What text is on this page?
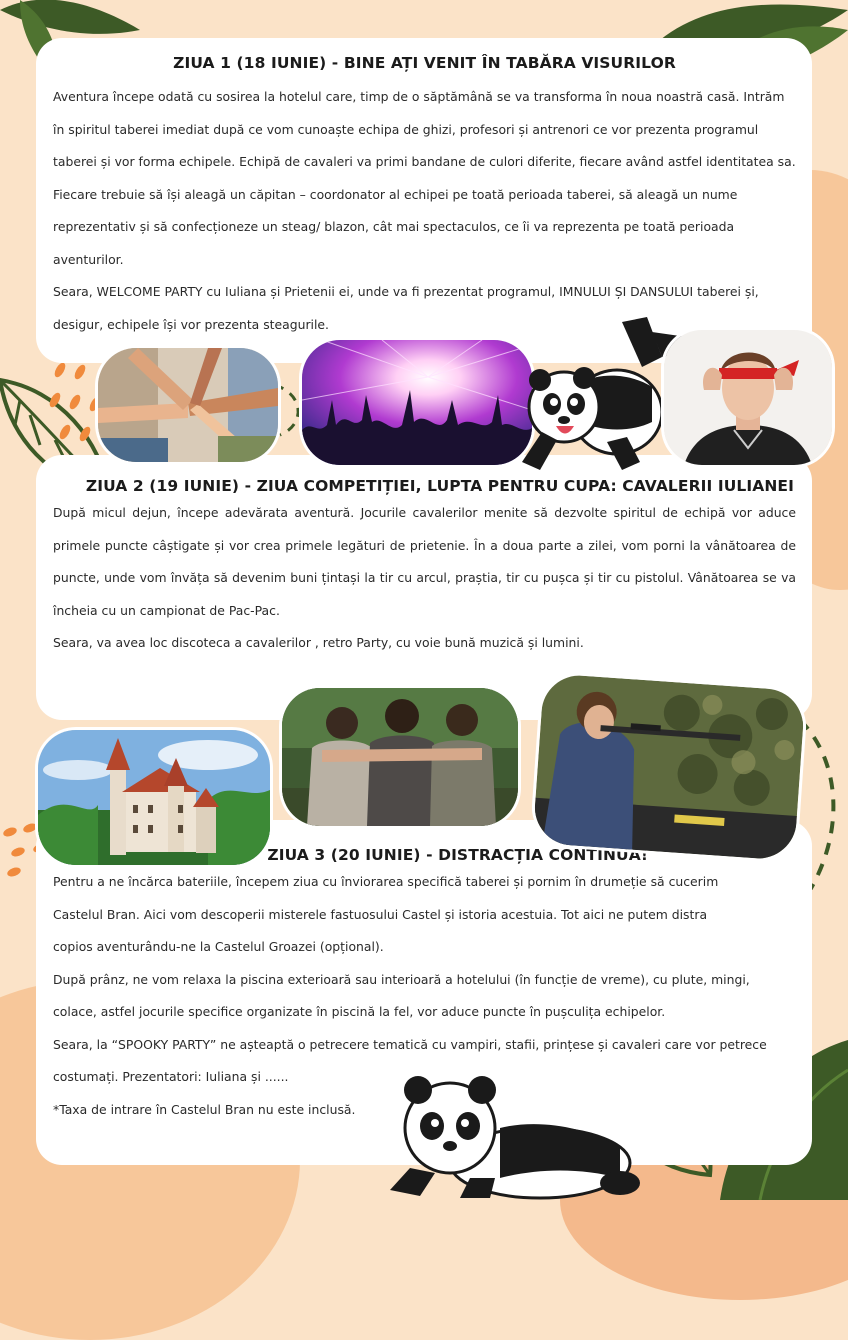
ZIUA 1 (18 IUNIE) - BINE AȚI VENIT ÎN TABĂRA VISURILOR

Aventura începe odată cu sosirea la hotelul care, timp de o săptămână se va transforma în noua noastră casă. Intrăm în spiritul taberei imediat după ce vom cunoaște echipa de ghizi, profesori și antrenori ce vor prezenta programul taberei și vor forma echipele. Echipă de cavaleri va primi bandane de culori diferite, fiecare având astfel identitatea sa. Fiecare trebuie să își aleagă un căpitan – coordonator al echipei pe toată perioada taberei, să aleagă un nume reprezentativ și să confecționeze un steag/ blazon, cât mai spectaculos, ce îi va reprezenta pe toată perioada aventurilor.

Seara, WELCOME PARTY cu Iuliana și Prietenii ei, unde va fi prezentat programul, IMNULUI ȘI DANSULUI taberei și, desigur, echipele își vor prezenta steagurile.

ZIUA 2 (19 IUNIE) - ZIUA COMPETIȚIEI, LUPTA PENTRU CUPA: CAVALERII IULIANEI

După micul dejun, începe adevărata aventură. Jocurile cavalerilor menite să dezvolte spiritul de echipă vor aduce primele puncte câștigate și vor crea primele legături de prietenie. În a doua parte a zilei, vom porni la vânătoarea de puncte, unde vom învăța să devenim buni țintași la tir cu arcul, praștia, tir cu pușca și tir cu pistolul. Vânătoarea se va încheia cu un campionat de Pac-Pac.

Seara, va avea loc discoteca a cavalerilor , retro Party, cu voie bună muzică și lumini.

ZIUA 3 (20 IUNIE) - DISTRACȚIA CONTINUĂ!

Pentru a ne încărca bateriile, începem ziua cu înviorarea specifică taberei și pornim în drumeție să cucerim Castelul Bran. Aici vom descoperii misterele fastuosului Castel și istoria acestuia. Tot aici ne putem distra copios aventurându-ne la Castelul Groazei (opțional).

După prânz, ne vom relaxa la piscina exterioară sau interioară a hotelului (în funcție de vreme), cu plute, mingi, colace, astfel jocurile specifice organizate în piscină la fel, vor aduce puncte în pușculița echipelor.

Seara, la “SPOOKY PARTY” ne așteaptă o petrecere tematică cu vampiri, stafii, prințese și cavaleri care vor petrece costumați. Prezentatori: Iuliana și ......

*Taxa de intrare în Castelul Bran nu este inclusă.
